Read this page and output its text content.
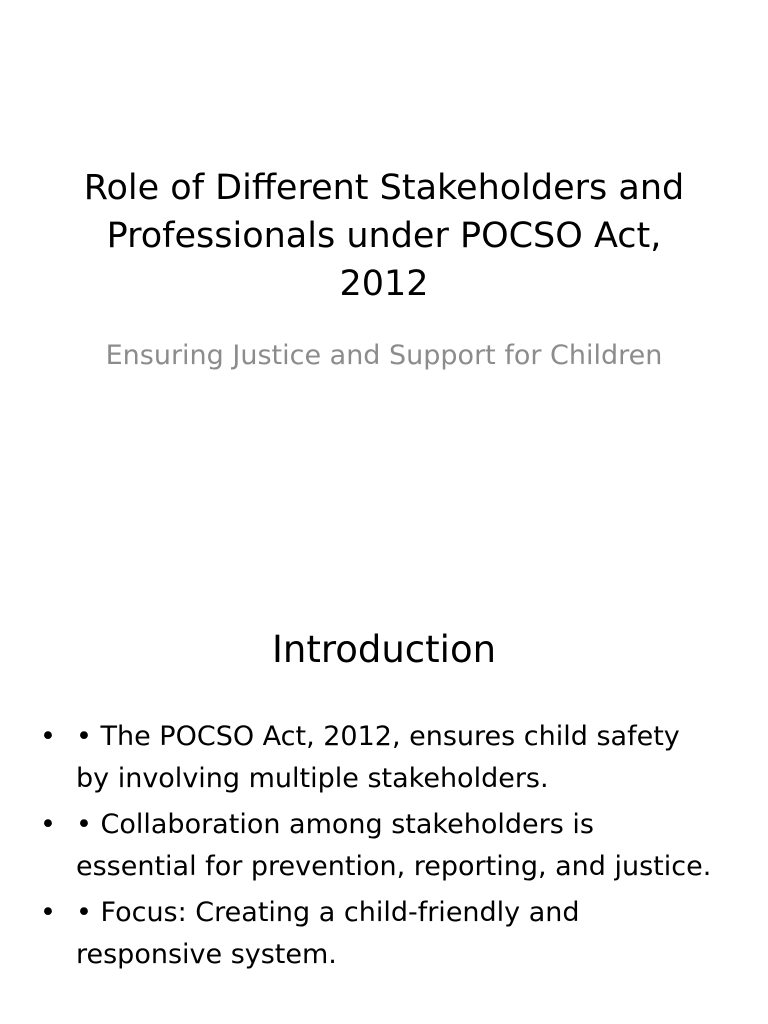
Role of Different Stakeholders and Professionals under POCSO Act, 2012
Ensuring Justice and Support for Children
Introduction
• • The POCSO Act, 2012, ensures child safety by involving multiple stakeholders.
• • Collaboration among stakeholders is essential for prevention, reporting, and justice.
• • Focus: Creating a child-friendly and responsive system.
